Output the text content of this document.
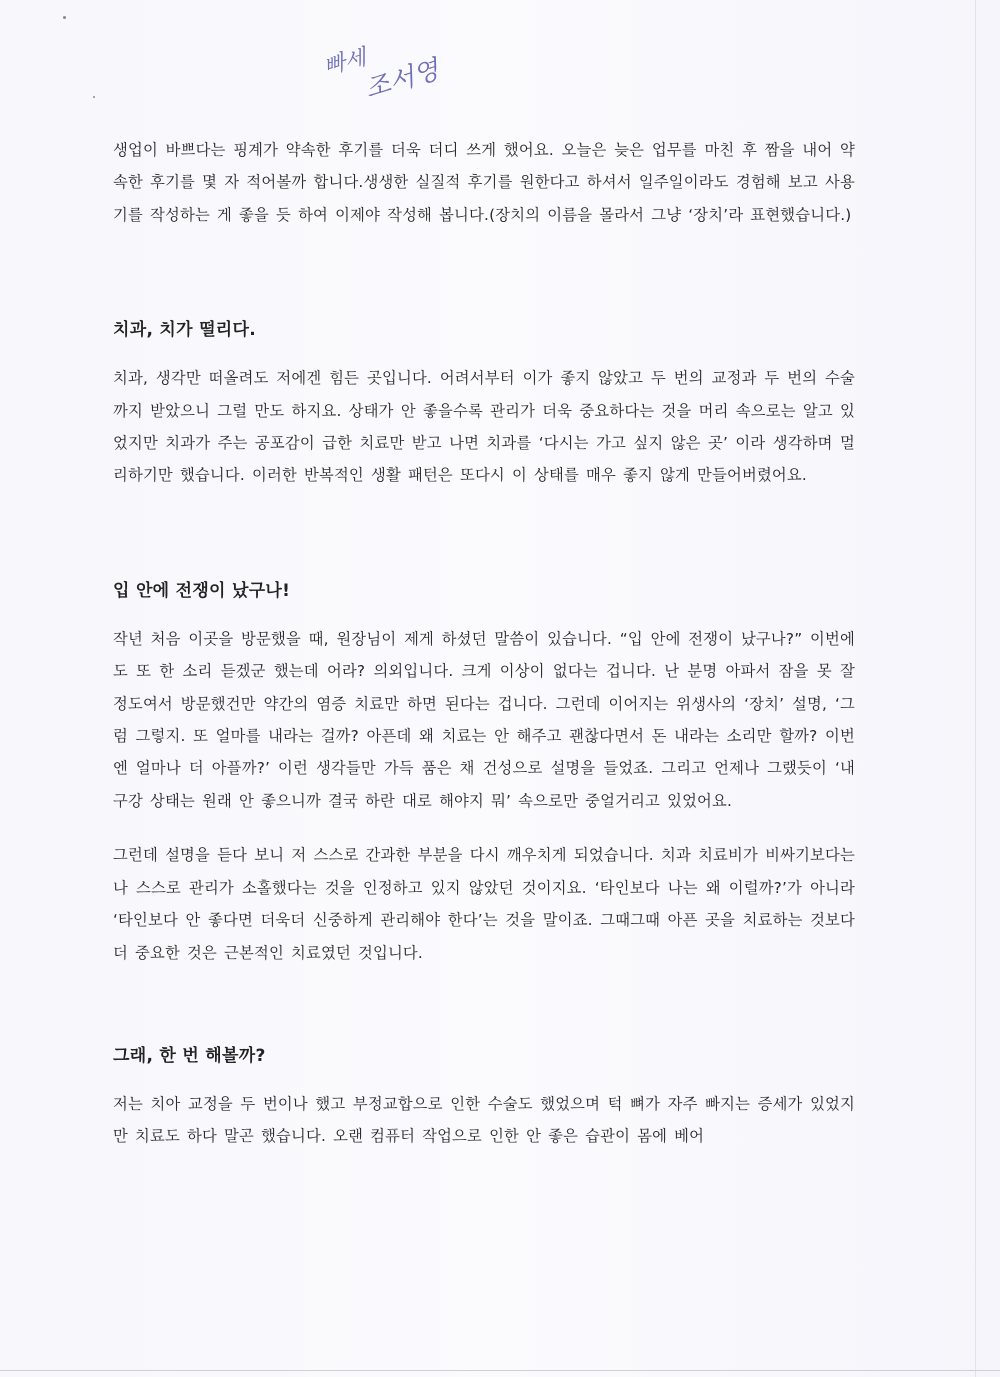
빠세
조서영

생업이 바쁘다는 핑계가 약속한 후기를 더욱 더디 쓰게 했어요. 오늘은 늦은 업무를 마친 후 짬을 내어 약속한 후기를 몇 자 적어볼까 합니다.생생한 실질적 후기를 원한다고 하셔서 일주일이라도 경험해 보고 사용기를 작성하는 게 좋을 듯 하여 이제야 작성해 봅니다.(장치의 이름을 몰라서 그냥 ‘장치’라 표현했습니다.)

치과, 치가 떨리다.

치과, 생각만 떠올려도 저에겐 힘든 곳입니다. 어려서부터 이가 좋지 않았고 두 번의 교정과 두 번의 수술까지 받았으니 그럴 만도 하지요. 상태가 안 좋을수록 관리가 더욱 중요하다는 것을 머리 속으로는 알고 있었지만 치과가 주는 공포감이 급한 치료만 받고 나면 치과를 ‘다시는 가고 싶지 않은 곳’ 이라 생각하며 멀리하기만 했습니다. 이러한 반복적인 생활 패턴은 또다시 이 상태를 매우 좋지 않게 만들어버렸어요.

입 안에 전쟁이 났구나!

작년 처음 이곳을 방문했을 때, 원장님이 제게 하셨던 말씀이 있습니다. “입 안에 전쟁이 났구나?” 이번에도 또 한 소리 듣겠군 했는데 어라? 의외입니다. 크게 이상이 없다는 겁니다. 난 분명 아파서 잠을 못 잘 정도여서 방문했건만 약간의 염증 치료만 하면 된다는 겁니다. 그런데 이어지는 위생사의 ‘장치’ 설명, ‘그럼 그렇지. 또 얼마를 내라는 걸까? 아픈데 왜 치료는 안 해주고 괜찮다면서 돈 내라는 소리만 할까? 이번엔 얼마나 더 아플까?’ 이런 생각들만 가득 품은 채 건성으로 설명을 들었죠. 그리고 언제나 그랬듯이 ‘내 구강 상태는 원래 안 좋으니까 결국 하란 대로 해야지 뭐’ 속으로만 중얼거리고 있었어요.

그런데 설명을 듣다 보니 저 스스로 간과한 부분을 다시 깨우치게 되었습니다. 치과 치료비가 비싸기보다는 나 스스로 관리가 소홀했다는 것을 인정하고 있지 않았던 것이지요. ‘타인보다 나는 왜 이럴까?’가 아니라 ‘타인보다 안 좋다면 더욱더 신중하게 관리해야 한다’는 것을 말이죠. 그때그때 아픈 곳을 치료하는 것보다 더 중요한 것은 근본적인 치료였던 것입니다.

그래, 한 번 해볼까?

저는 치아 교정을 두 번이나 했고 부정교합으로 인한 수술도 했었으며 턱 뼈가 자주 빠지는 증세가 있었지만 치료도 하다 말곤 했습니다. 오랜 컴퓨터 작업으로 인한 안 좋은 습관이 몸에 베어
